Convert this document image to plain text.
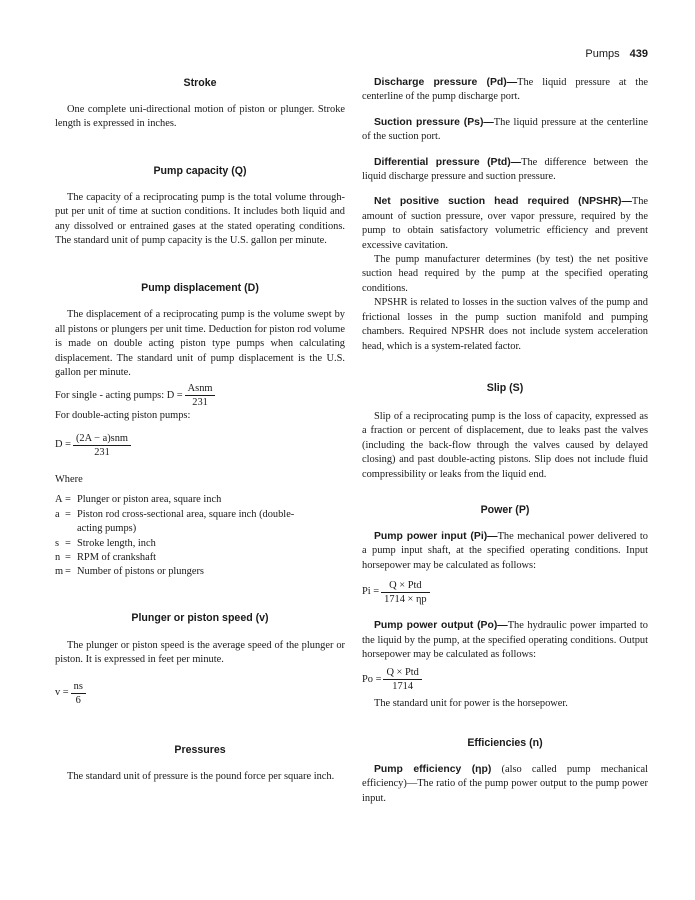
Pumps 439
Stroke

One complete uni-directional motion of piston or plunger. Stroke length is expressed in inches.

Pump capacity (Q)

The capacity of a reciprocating pump is the total volume through-put per unit of time at suction conditions. It includes both liquid and any dissolved or entrained gases at the stated operating conditions. The standard unit of pump capacity is the U.S. gallon per minute.

Pump displacement (D)

The displacement of a reciprocating pump is the volume swept by all pistons or plungers per unit time. Deduction for piston rod volume is made on double acting piston type pumps when calculating displacement. The standard unit of pump displacement is the U.S. gallon per minute.

For single - acting pumps: $D = \frac{\text{Asnm}}{231}$

For double-acting piston pumps:

$D = \frac{\text{(2A − a)snm}}{231}$

Where

A = Plunger or piston area, square inch
a = Piston rod cross-sectional area, square inch (double-
acting pumps)
s = Stroke length, inch
n = RPM of crankshaft
m = Number of pistons or plungers
Plunger or piston speed (v)

The plunger or piston speed is the average speed of the plunger or piston. It is expressed in feet per minute.

$v = \frac{ns}{6}$
Pressures

The standard unit of pressure is the pound force per square inch.

Discharge pressure (Pd)—The liquid pressure at the centerline of the pump discharge port.

Suction pressure (Ps)—The liquid pressure at the centerline of the suction port.

Differential pressure (Ptd)—The difference between the liquid discharge pressure and suction pressure.

Net positive suction head required (NPSHR)—The amount of suction pressure, over vapor pressure, required by the pump to obtain satisfactory volumetric efficiency and prevent excessive cavitation.

The pump manufacturer determines (by test) the net positive suction head required by the pump at the specified operating conditions.

NPSHR is related to losses in the suction valves of the pump and frictional losses in the pump suction manifold and pumping chambers. Required NPSHR does not include system acceleration head, which is a system-related factor.

Slip (S)

Slip of a reciprocating pump is the loss of capacity, expressed as a fraction or percent of displacement, due to leaks past the valves (including the back-flow through the valves caused by delayed closing) and past double-acting pistons. Slip does not include fluid compressibility or leaks from the liquid end.

Power (P)

Pump power input (Pi)—The mechanical power delivered to a pump input shaft, at the specified operating conditions. Input horsepower may be calculated as follows:

$Pi = \frac{\text{Q × Ptd}}{1714 \times \eta p}$

Pump power output (Po)—The hydraulic power imparted to the liquid by the pump, at the specified operating conditions. Output horsepower may be calculated as follows:

$Po = \frac{\text{Q × Ptd}}{1714}$

The standard unit for power is the horsepower.

Efficiencies (n)

Pump efficiency (ηp) (also called pump mechanical efficiency)—The ratio of the pump power output to the pump power input.
